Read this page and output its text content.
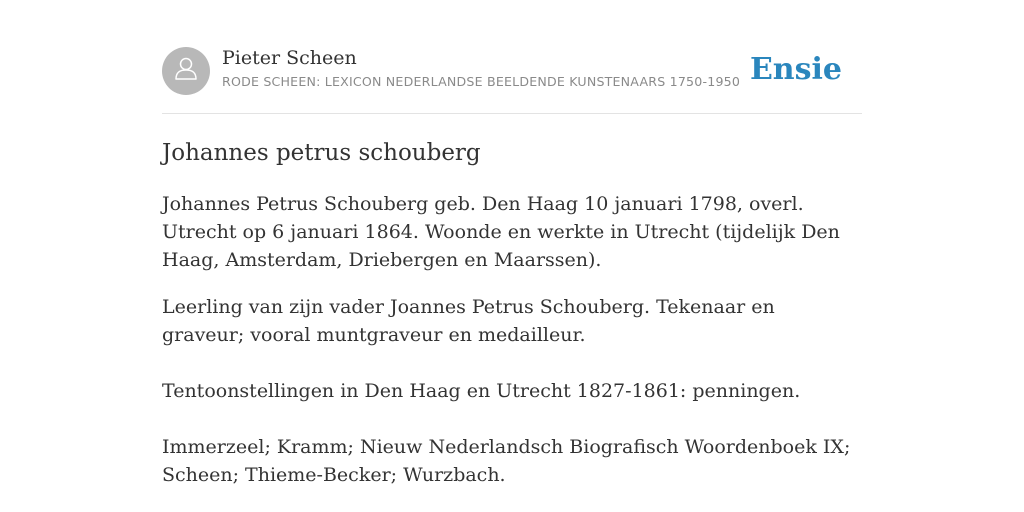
Pieter Scheen
RODE SCHEEN: LEXICON NEDERLANDSE BEELDENDE KUNSTENAARS 1750-1950 Ensie
Johannes petrus schouberg

Johannes Petrus Schouberg geb. Den Haag 10 januari 1798, overl. Utrecht op 6 januari 1864. Woonde en werkte in Utrecht (tijdelijk Den Haag, Amsterdam, Driebergen en Maarssen).

Leerling van zijn vader Joannes Petrus Schouberg. Tekenaar en graveur; vooral muntgraveur en medailleur.

Tentoonstellingen in Den Haag en Utrecht 1827-1861: penningen.

Immerzeel; Kramm; Nieuw Nederlandsch Biografisch Woordenboek IX; Scheen; Thieme-Becker; Wurzbach.
